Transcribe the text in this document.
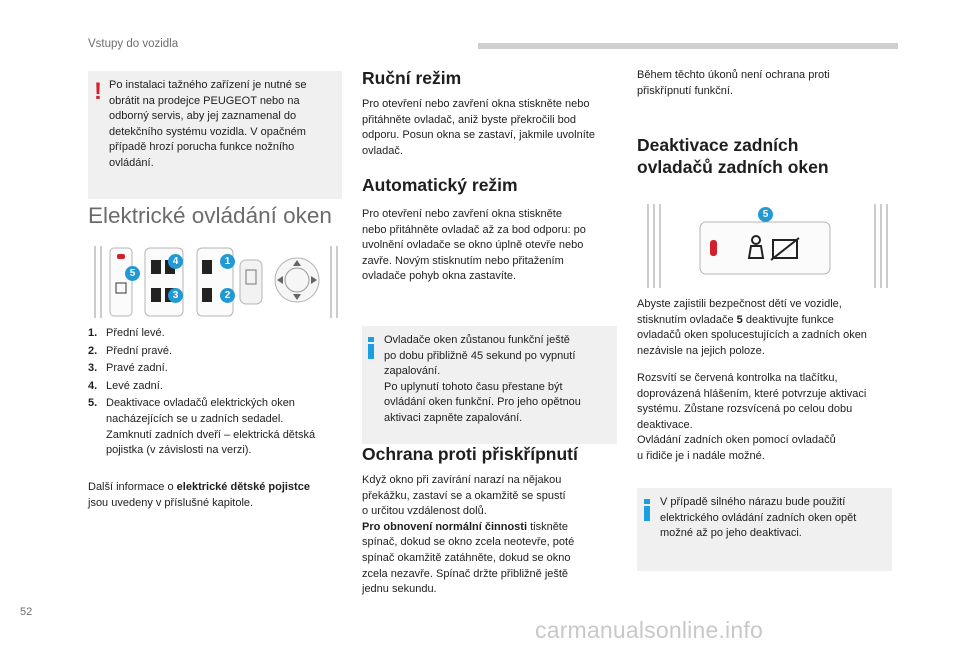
Vstupy do vozidla
! Po instalaci tažného zařízení je nutné se
obrátit na prodejce PEUGEOT nebo na
odborný servis, aby jej zaznamenal do
detekčního systému vozidla. V opačném
případě hrozí porucha funkce nožního
ovládání.
Elektrické ovládání oken
5
4	1
3	2
1. Přední levé.
2. Přední pravé.
3. Pravé zadní.
4. Levé zadní.
5. Deaktivace ovladačů elektrických oken
nacházejících se u zadních sedadel.
Zamknutí zadních dveří – elektrická dětská
pojistka (v závislosti na verzi).
Další informace o elektrické dětské pojistce
jsou uvedeny v příslušné kapitole.
Ruční režim
Pro otevření nebo zavření okna stiskněte nebo
přitáhněte ovladač, aniž byste překročili bod
odporu. Posun okna se zastaví, jakmile uvolníte
ovladač.
Automatický režim
Pro otevření nebo zavření okna stiskněte
nebo přitáhněte ovladač až za bod odporu: po
uvolnění ovladače se okno úplně otevře nebo
zavře. Novým stisknutím nebo přitažením
ovladače pohyb okna zastavíte.
Ovladače oken zůstanou funkční ještě
po dobu přibližně 45 sekund po vypnutí
zapalování.
Po uplynutí tohoto času přestane být
ovládání oken funkční. Pro jeho opětnou
aktivaci zapněte zapalování.
Ochrana proti přiskřípnutí
Když okno při zavírání narazí na nějakou
překážku, zastaví se a okamžitě se spustí
o určitou vzdálenost dolů.
Pro obnovení normální činnosti tiskněte
spínač, dokud se okno zcela neotevře, poté
spínač okamžitě zatáhněte, dokud se okno
zcela nezavře. Spínač držte přibližně ještě
jednu sekundu.
Během těchto úkonů není ochrana proti
přiskřípnutí funkční.
Deaktivace zadních
ovladačů zadních oken
5
Abyste zajistili bezpečnost dětí ve vozidle,
stisknutím ovladače 5 deaktivujte funkce
ovladačů oken spolucestujících a zadních oken
nezávisle na jejich poloze.
Rozsvítí se červená kontrolka na tlačítku,
doprovázená hlášením, které potvrzuje aktivaci
systému. Zůstane rozsvícená po celou dobu
deaktivace.
Ovládání zadních oken pomocí ovladačů
u řidiče je i nadále možné.
V případě silného nárazu bude použití
elektrického ovládání zadních oken opět
možné až po jeho deaktivaci.
52
carmanualsonline.info
